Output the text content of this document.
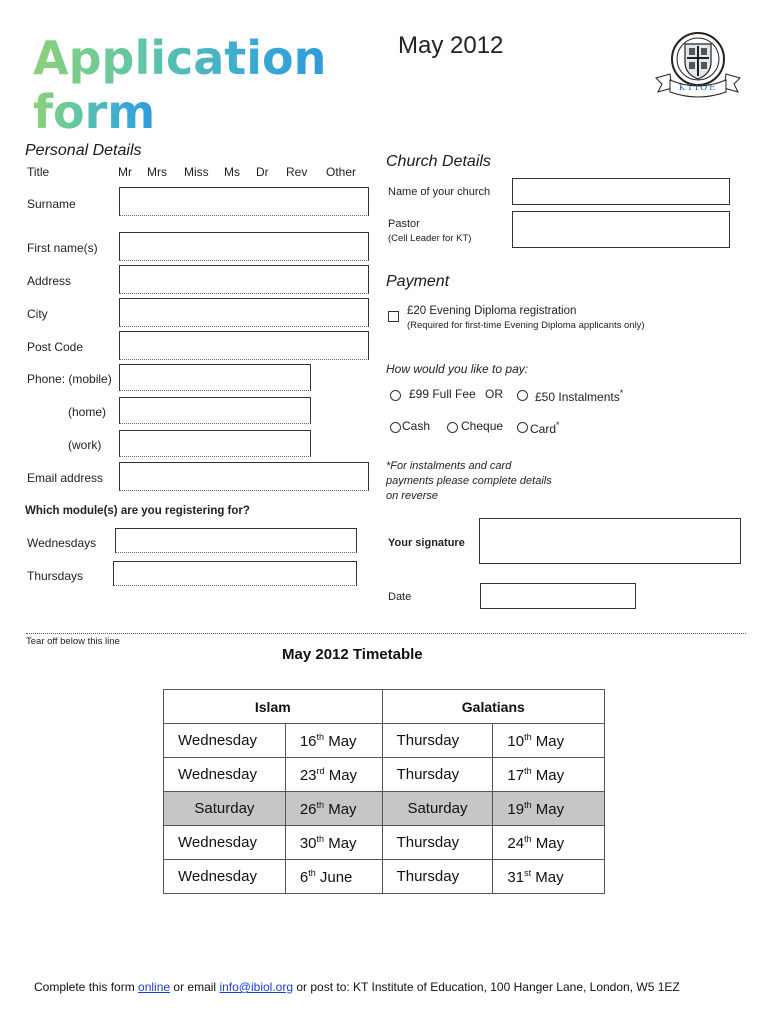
Application
form
May 2012
KTIOE
Personal Details
Title	Mr Mrs Miss Ms Dr Rev Other
Surname
First name(s)
Address
City
Post Code
Phone: (mobile)
(home)
(work)
Email address
Which module(s) are you registering for?
Wednesdays
Thursdays
Church Details
Name of your church
Pastor
(Cell Leader for KT)
Payment
£20 Evening Diploma registration
(Required for first-time Evening Diploma applicants only)
How would you like to pay:
£99 Full Fee OR	£50 Instalments*
Cash	Cheque Card*
*For instalments and card
payments please complete details
on reverse
Your signature
Date
Tear off below this line
May 2012 Timetable
Islam		Galatians	
Wednesday	16th May	Thursday	10th May
Wednesday	23rd May	Thursday	17th May
Saturday	26th May	Saturday	19th May
Wednesday	30th May	Thursday	24th May
Wednesday	6th June	Thursday	31st May
Complete this form online or email info@ibiol.org or post to: KT Institute of Education, 100 Hanger Lane, London, W5 1EZ
